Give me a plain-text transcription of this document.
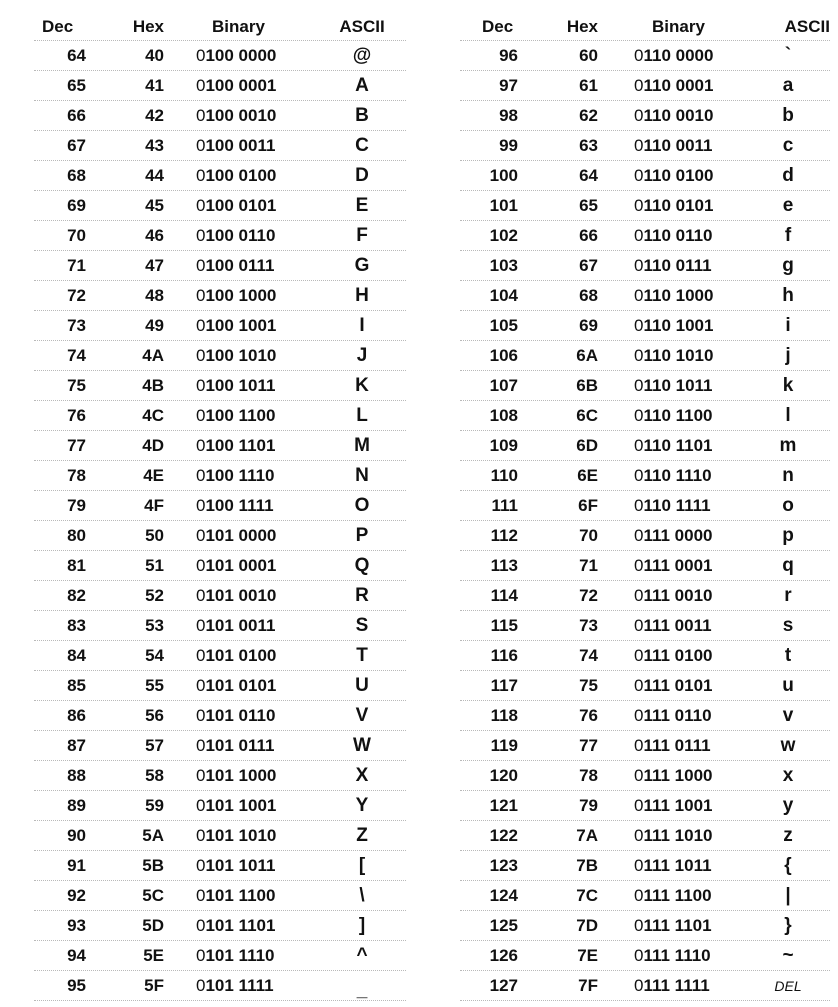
Dec	Hex	Binary	ASCII
64	40	0100 0000	@
65	41	0100 0001	A
66	42	0100 0010	B
67	43	0100 0011	C
68	44	0100 0100	D
69	45	0100 0101	E
70	46	0100 0110	F
71	47	0100 0111	G
72	48	0100 1000	H
73	49	0100 1001	I
74	4A	0100 1010	J
75	4B	0100 1011	K
76	4C	0100 1100	L
77	4D	0100 1101	M
78	4E	0100 1110	N
79	4F	0100 1111	O
80	50	0101 0000	P
81	51	0101 0001	Q
82	52	0101 0010	R
83	53	0101 0011	S
84	54	0101 0100	T
85	55	0101 0101	U
86	56	0101 0110	V
87	57	0101 0111	W
88	58	0101 1000	X
89	59	0101 1001	Y
90	5A	0101 1010	Z
91	5B	0101 1011	[
92	5C	0101 1100	\
93	5D	0101 1101	]
94	5E	0101 1110	^
95	5F	0101 1111	_
Dec	Hex	Binary	ASCII
96	60	0110 0000	`
97	61	0110 0001	a
98	62	0110 0010	b
99	63	0110 0011	c
100	64	0110 0100	d
101	65	0110 0101	e
102	66	0110 0110	f
103	67	0110 0111	g
104	68	0110 1000	h
105	69	0110 1001	i
106	6A	0110 1010	j
107	6B	0110 1011	k
108	6C	0110 1100	l
109	6D	0110 1101	m
110	6E	0110 1110	n
111	6F	0110 1111	o
112	70	0111 0000	p
113	71	0111 0001	q
114	72	0111 0010	r
115	73	0111 0011	s
116	74	0111 0100	t
117	75	0111 0101	u
118	76	0111 0110	v
119	77	0111 0111	w
120	78	0111 1000	x
121	79	0111 1001	y
122	7A	0111 1010	z
123	7B	0111 1011	{
124	7C	0111 1100	|
125	7D	0111 1101	}
126	7E	0111 1110	~
127	7F	0111 1111	DEL
